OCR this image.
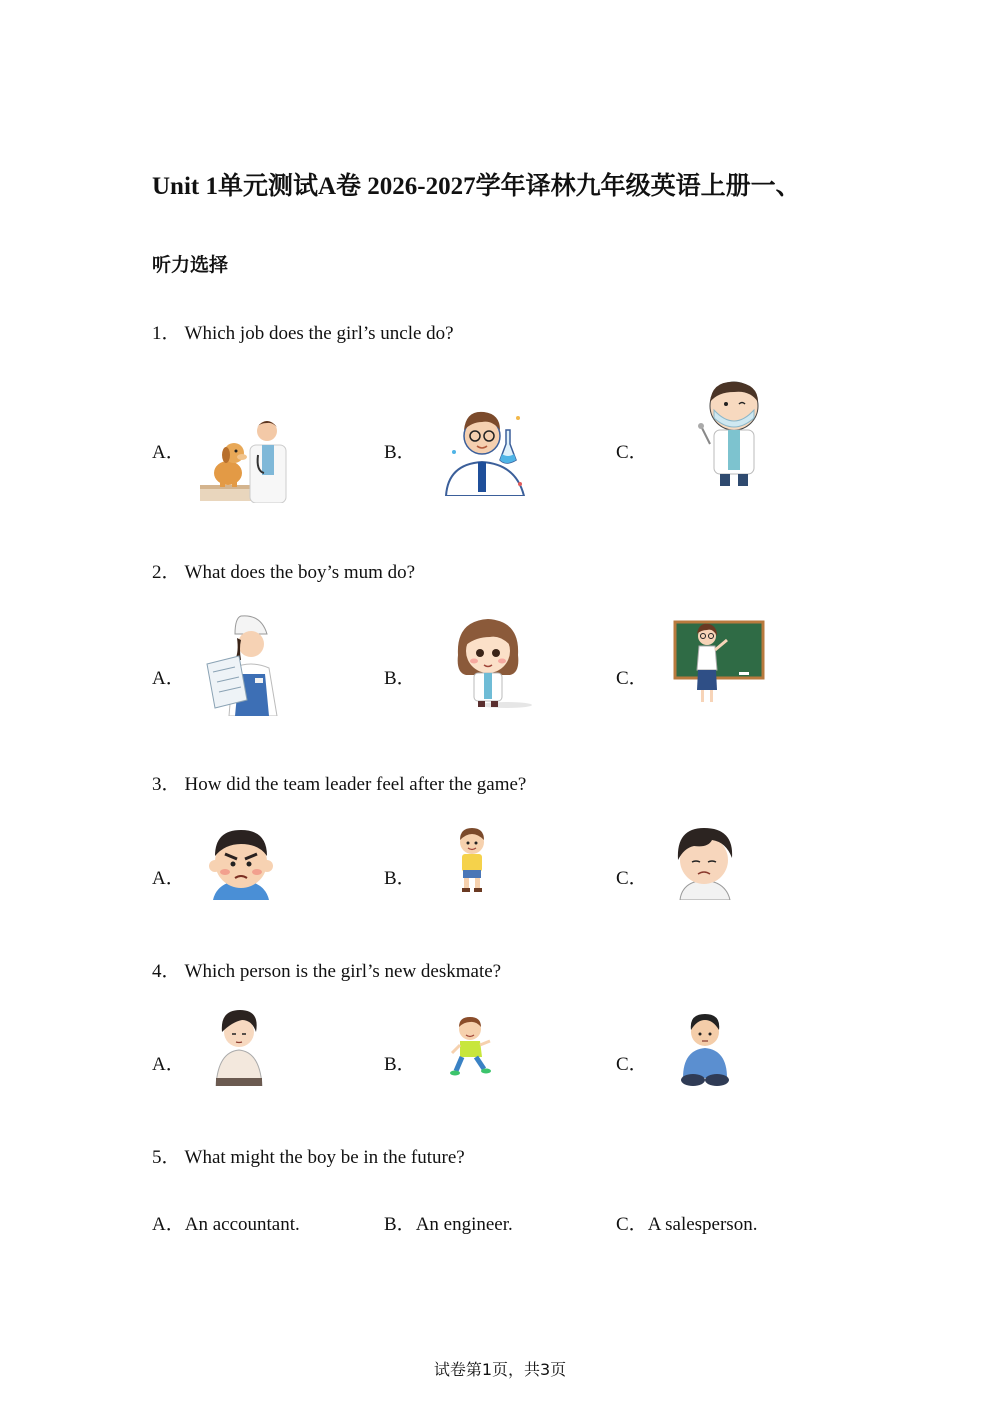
Unit 1单元测试A卷 2026-2027学年译林九年级英语上册一、
听力选择
1． Which job does the girl’s uncle do?
A．	B．	C．
2． What does the boy’s mum do?
A．	B．	C．
3． How did the team leader feel after the game?
A．	B．	C．
4． Which person is the girl’s new deskmate?
A．	B．	C．
5． What might the boy be in the future?
A．An accountant.	B．An engineer.	C．A salesperson.
试卷第1页，共3页
